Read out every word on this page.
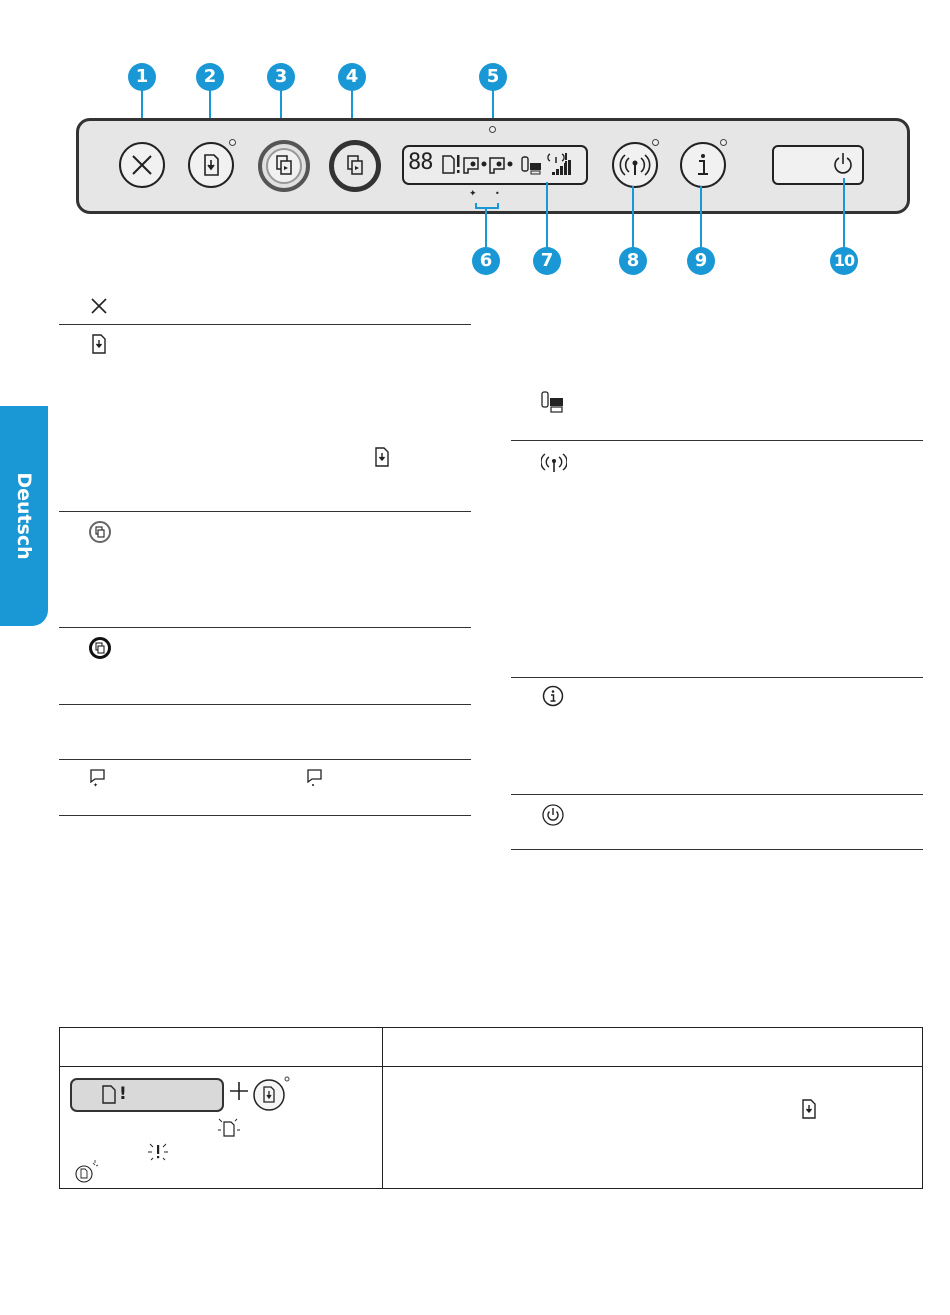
Deutsch
1	2	3	4	5
88
✦ •
6	7	8	9	10
✦
!
